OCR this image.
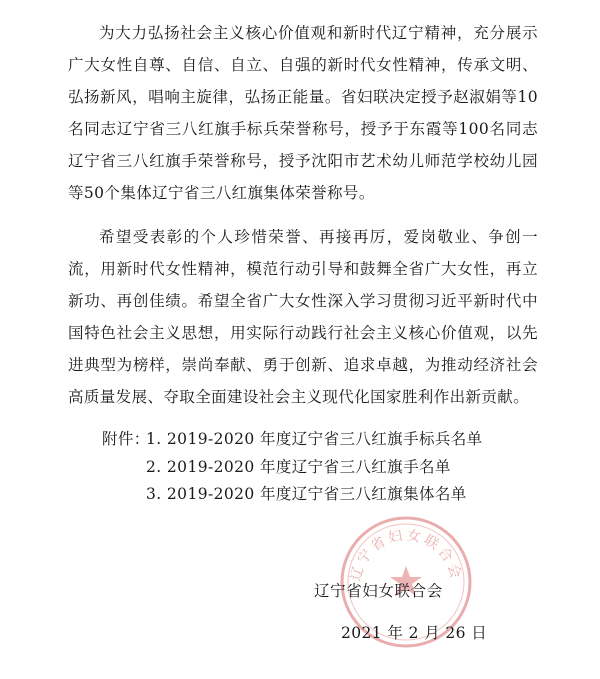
为大力弘扬社会主义核心价值观和新时代辽宁精神，充分展示广大女性自尊、自信、自立、自强的新时代女性精神，传承文明、弘扬新风，唱响主旋律，弘扬正能量。省妇联决定授予赵淑娟等10名同志辽宁省三八红旗手标兵荣誉称号，授予于东霞等100名同志辽宁省三八红旗手荣誉称号，授予沈阳市艺术幼儿师范学校幼儿园等50个集体辽宁省三八红旗集体荣誉称号。

希望受表彰的个人珍惜荣誉、再接再厉，爱岗敬业、争创一流，用新时代女性精神，模范行动引导和鼓舞全省广大女性，再立新功、再创佳绩。希望全省广大女性深入学习贯彻习近平新时代中国特色社会主义思想，用实际行动践行社会主义核心价值观，以先进典型为榜样，崇尚奉献、勇于创新、追求卓越，为推动经济社会高质量发展、夺取全面建设社会主义现代化国家胜利作出新贡献。

附件：
1. 2019-2020 年度辽宁省三八红旗手标兵名单
2. 2019-2020 年度辽宁省三八红旗手名单
3. 2019-2020 年度辽宁省三八红旗集体名单
辽宁省妇女联合会
辽宁省妇女联合会
2021 年 2 月 26 日
